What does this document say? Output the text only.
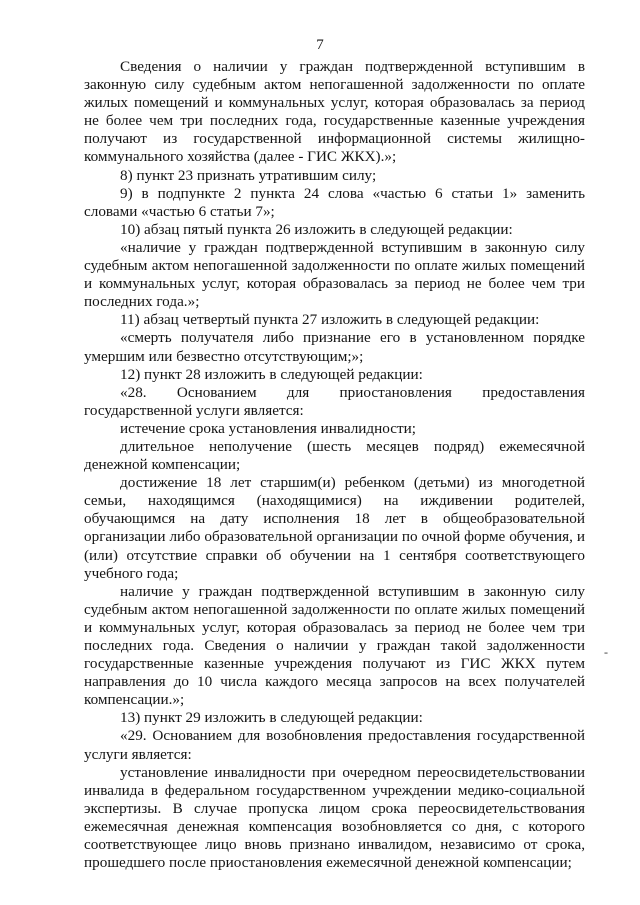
7

Сведения о наличии у граждан подтвержденной вступившим в законную силу судебным актом непогашенной задолженности по оплате жилых помещений и коммунальных услуг, которая образовалась за период не более чем три последних года, государственные казенные учреждения получают из государственной информационной системы жилищно-коммунального хозяйства (далее - ГИС ЖКХ).»;

8) пункт 23 признать утратившим силу;

9) в подпункте 2 пункта 24 слова «частью 6 статьи 1» заменить словами «частью 6 статьи 7»;

10) абзац пятый пункта 26 изложить в следующей редакции:

«наличие у граждан подтвержденной вступившим в законную силу судебным актом непогашенной задолженности по оплате жилых помещений и коммунальных услуг, которая образовалась за период не более чем три последних года.»;

11) абзац четвертый пункта 27 изложить в следующей редакции:

«смерть получателя либо признание его в установленном порядке умершим или безвестно отсутствующим;»;

12) пункт 28 изложить в следующей редакции:

«28. Основанием для приостановления предоставления государственной услуги является:

истечение срока установления инвалидности;

длительное неполучение (шесть месяцев подряд) ежемесячной денежной компенсации;

достижение 18 лет старшим(и) ребенком (детьми) из многодетной семьи, находящимся (находящимися) на иждивении родителей, обучающимся на дату исполнения 18 лет в общеобразовательной организации либо образовательной организации по очной форме обучения, и (или) отсутствие справки об обучении на 1 сентября соответствующего учебного года;

наличие у граждан подтвержденной вступившим в законную силу судебным актом непогашенной задолженности по оплате жилых помещений и коммунальных услуг, которая образовалась за период не более чем три последних года. Сведения о наличии у граждан такой задолженности государственные казенные учреждения получают из ГИС ЖКХ путем направления до 10 числа каждого месяца запросов на всех получателей компенсации.»;

13) пункт 29 изложить в следующей редакции:

«29. Основанием для возобновления предоставления государственной услуги является:

установление инвалидности при очередном переосвидетельствовании инвалида в федеральном государственном учреждении медико-социальной экспертизы. В случае пропуска лицом срока переосвидетельствования ежемесячная денежная компенсация возобновляется со дня, с которого соответствующее лицо вновь признано инвалидом, независимо от срока, прошедшего после приостановления ежемесячной денежной компенсации;

-
